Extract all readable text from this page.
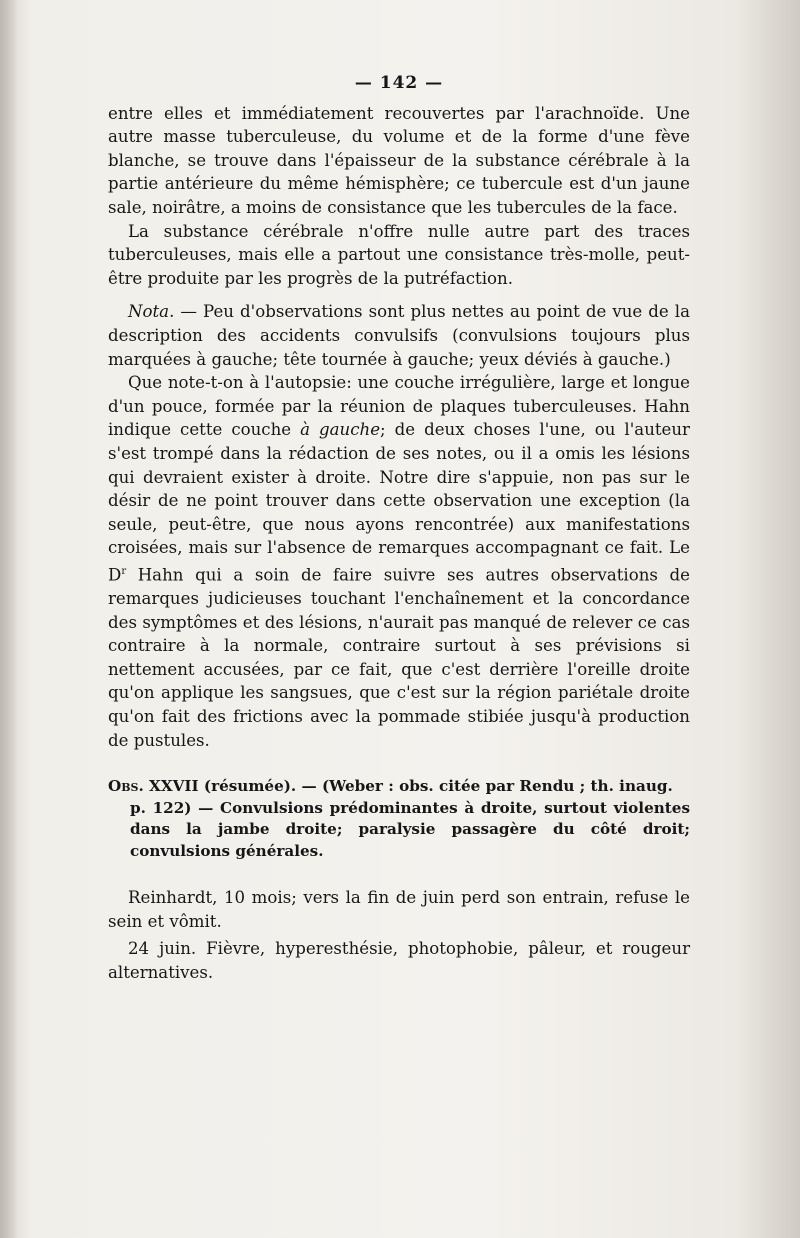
— 142 —

entre elles et immédiatement recouvertes par l'arachnoïde. Une autre masse tuberculeuse, du volume et de la forme d'une fève blanche, se trouve dans l'épaisseur de la substance cérébrale à la partie antérieure du même hémisphère; ce tubercule est d'un jaune sale, noirâtre, a moins de consistance que les tubercules de la face.

La substance cérébrale n'offre nulle autre part des traces tuberculeuses, mais elle a partout une consistance très-molle, peut-être produite par les progrès de la putréfaction.

Nota. — Peu d'observations sont plus nettes au point de vue de la description des accidents convulsifs (convulsions toujours plus marquées à gauche; tête tournée à gauche; yeux déviés à gauche.)

Que note-t-on à l'autopsie: une couche irrégulière, large et longue d'un pouce, formée par la réunion de plaques tuberculeuses. Hahn indique cette couche à gauche; de deux choses l'une, ou l'auteur s'est trompé dans la rédaction de ses notes, ou il a omis les lésions qui devraient exister à droite. Notre dire s'appuie, non pas sur le désir de ne point trouver dans cette observation une exception (la seule, peut-être, que nous ayons rencontrée) aux manifestations croisées, mais sur l'absence de remarques accompagnant ce fait. Le $D^r$ Hahn qui a soin de faire suivre ses autres observations de remarques judicieuses touchant l'enchaînement et la concordance des symptômes et des lésions, n'aurait pas manqué de relever ce cas contraire à la normale, contraire surtout à ses prévisions si nettement accusées, par ce fait, que c'est derrière l'oreille droite qu'on applique les sangsues, que c'est sur la région pariétale droite qu'on fait des frictions avec la pommade stibiée jusqu'à production de pustules.

Obs. XXVII (résumée). — (Weber : obs. citée par Rendu ; th. inaug.

p. 122) — Convulsions prédominantes à droite, surtout violentes dans la jambe droite; paralysie passagère du côté droit; convulsions générales.

Reinhardt, 10 mois; vers la fin de juin perd son entrain, refuse le sein et vômit.

24 juin. Fièvre, hyperesthésie, photophobie, pâleur, et rougeur alternatives.
